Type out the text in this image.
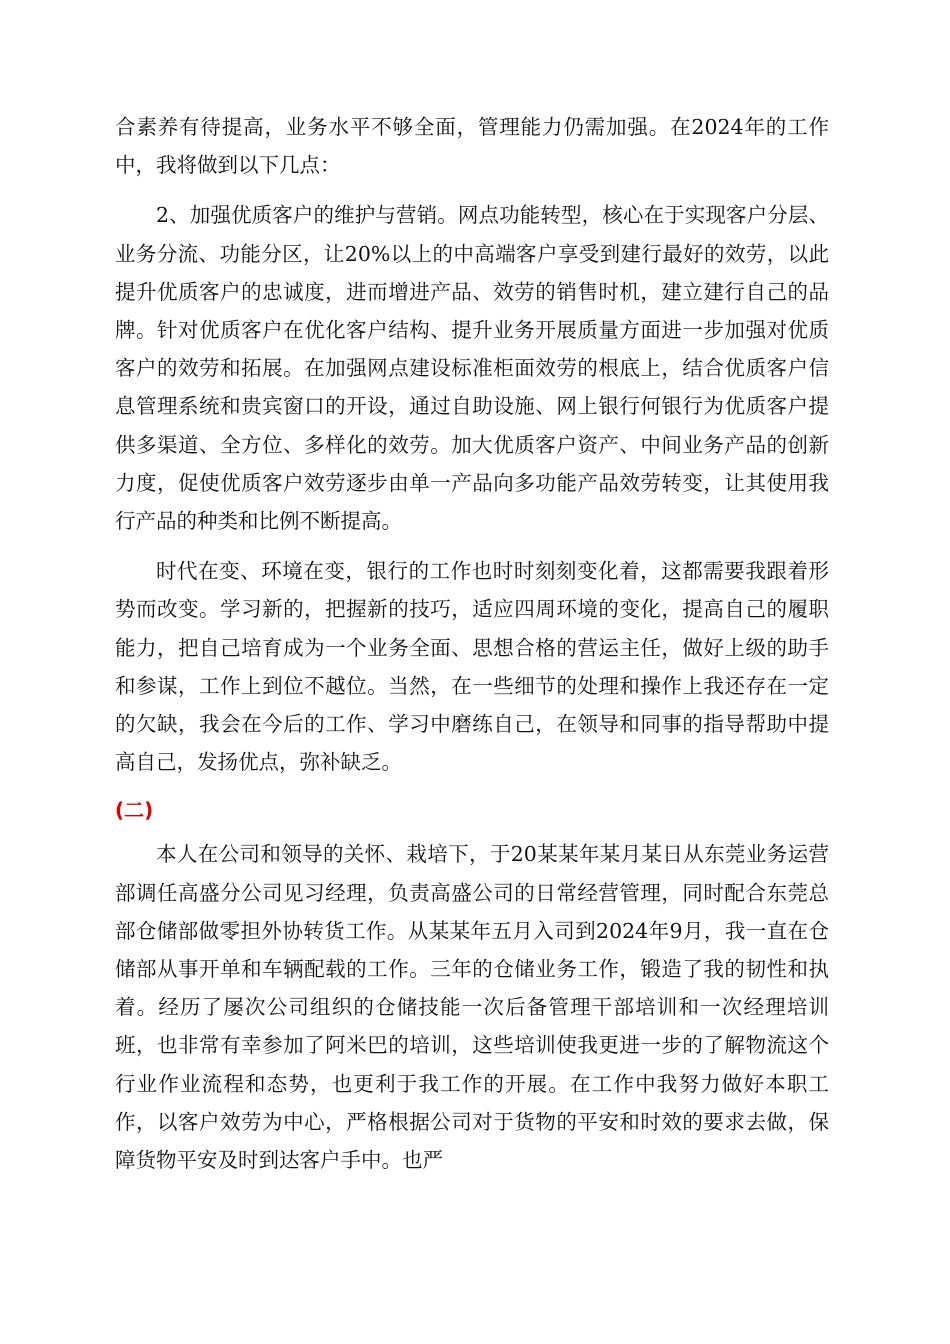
合素养有待提高，业务水平不够全面，管理能力仍需加强。在2024年的工作中，我将做到以下几点：

2、加强优质客户的维护与营销。网点功能转型，核心在于实现客户分层、业务分流、功能分区，让20%以上的中高端客户享受到建行最好的效劳，以此提升优质客户的忠诚度，进而增进产品、效劳的销售时机，建立建行自己的品牌。针对优质客户在优化客户结构、提升业务开展质量方面进一步加强对优质客户的效劳和拓展。在加强网点建设标准柜面效劳的根底上，结合优质客户信息管理系统和贵宾窗口的开设，通过自助设施、网上银行何银行为优质客户提供多渠道、全方位、多样化的效劳。加大优质客户资产、中间业务产品的创新力度，促使优质客户效劳逐步由单一产品向多功能产品效劳转变，让其使用我行产品的种类和比例不断提高。

时代在变、环境在变，银行的工作也时时刻刻变化着，这都需要我跟着形势而改变。学习新的，把握新的技巧，适应四周环境的变化，提高自己的履职能力，把自己培育成为一个业务全面、思想合格的营运主任，做好上级的助手和参谋，工作上到位不越位。当然，在一些细节的处理和操作上我还存在一定的欠缺，我会在今后的工作、学习中磨练自己，在领导和同事的指导帮助中提高自己，发扬优点，弥补缺乏。

(二)

本人在公司和领导的关怀、栽培下，于20某某年某月某日从东莞业务运营部调任高盛分公司见习经理，负责高盛公司的日常经营管理，同时配合东莞总部仓储部做零担外协转货工作。从某某年五月入司到2024年9月，我一直在仓储部从事开单和车辆配载的工作。三年的仓储业务工作，锻造了我的韧性和执着。经历了屡次公司组织的仓储技能一次后备管理干部培训和一次经理培训班，也非常有幸参加了阿米巴的培训，这些培训使我更进一步的了解物流这个行业作业流程和态势，也更利于我工作的开展。在工作中我努力做好本职工作，以客户效劳为中心，严格根据公司对于货物的平安和时效的要求去做，保障货物平安及时到达客户手中。也严
